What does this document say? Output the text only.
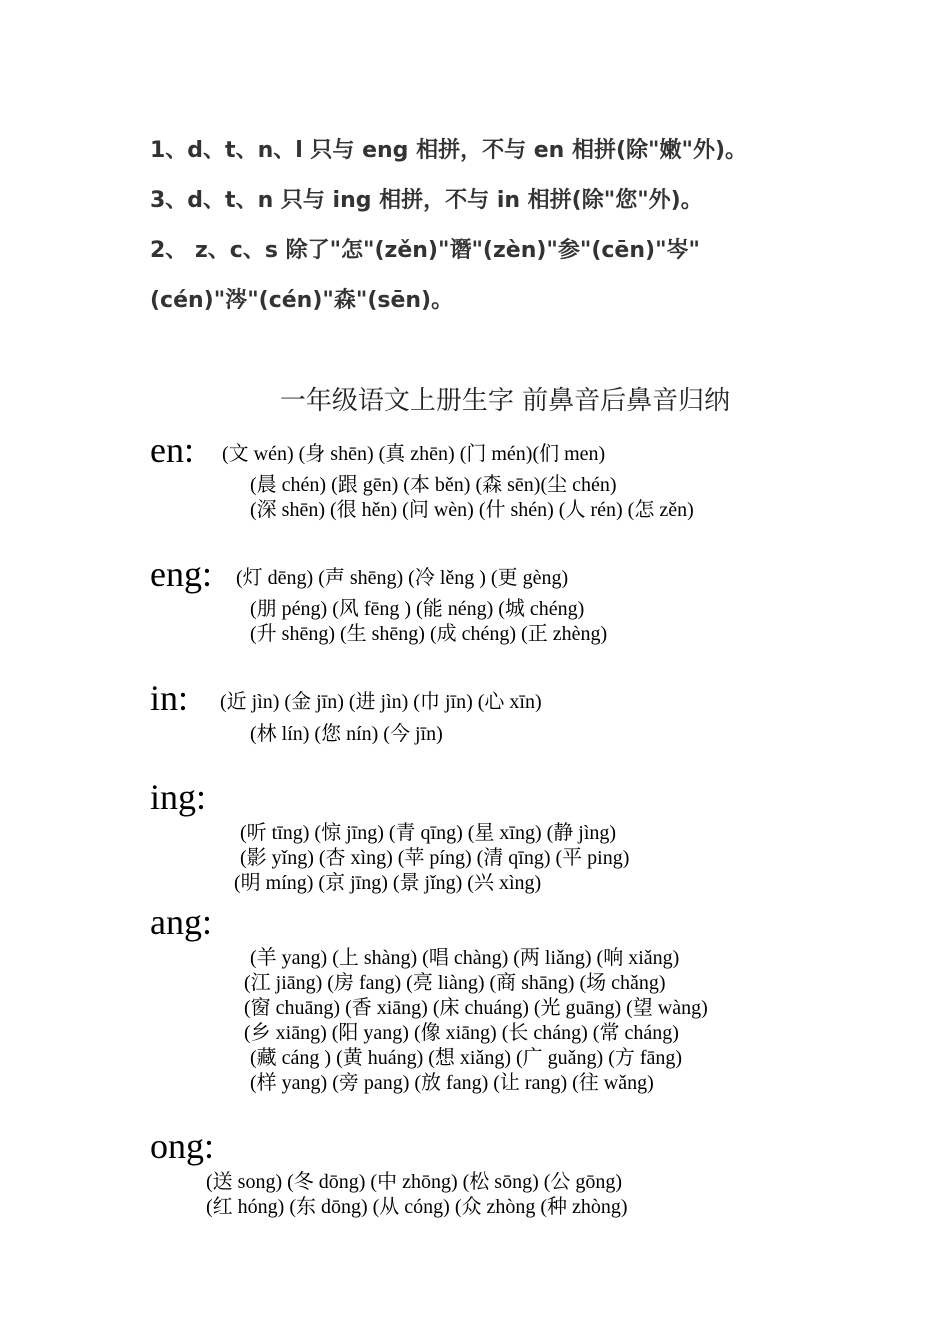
1、d、t、n、l 只与 eng 相拼，不与 en 相拼(除"嫩"外)。
3、d、t、n 只与 ing 相拼，不与 in 相拼(除"您"外)。
2、 z、c、s 除了"怎"(zěn)"谮"(zèn)"参"(cēn)"岑"
(cén)"涔"(cén)"森"(sēn)。
一年级语文上册生字 前鼻音后鼻音归纳
en: (文 wén) (身 shēn) (真 zhēn) (门 mén)(们 men)
(晨 chén) (跟 gēn) (本 běn) (森 sēn)(尘 chén)
(深 shēn) (很 hěn) (问 wèn) (什 shén) (人 rén) (怎 zěn)
eng: (灯 dēng) (声 shēng) (冷 lěng ) (更 gèng)
(朋 péng) (风 fēng ) (能 néng) (城 chéng)
(升 shēng) (生 shēng) (成 chéng) (正 zhèng)
in: (近 jìn) (金 jīn) (进 jìn) (巾 jīn) (心 xīn)
(林 lín) (您 nín) (今 jīn)
ing:
(听 tīng) (惊 jīng) (青 qīng) (星 xīng) (静 jìng)
(影 yǐng) (杏 xìng) (苹 píng) (清 qīng) (平 ping)
(明 míng) (京 jīng) (景 jǐng) (兴 xìng)
ang:
(羊 yang) (上 shàng) (唱 chàng) (两 liǎng) (响 xiǎng)
(江 jiāng) (房 fang) (亮 liàng) (商 shāng) (场 chǎng)
(窗 chuāng) (香 xiāng) (床 chuáng) (光 guāng) (望 wàng)
(乡 xiāng) (阳 yang) (像 xiāng) (长 cháng) (常 cháng)
(藏 cáng ) (黄 huáng) (想 xiǎng) (广 guǎng) (方 fāng)
(样 yang) (旁 pang) (放 fang) (让 rang) (往 wǎng)
ong:
(送 song) (冬 dōng) (中 zhōng) (松 sōng) (公 gōng)
(红 hóng) (东 dōng) (从 cóng) (众 zhòng (种 zhòng)
